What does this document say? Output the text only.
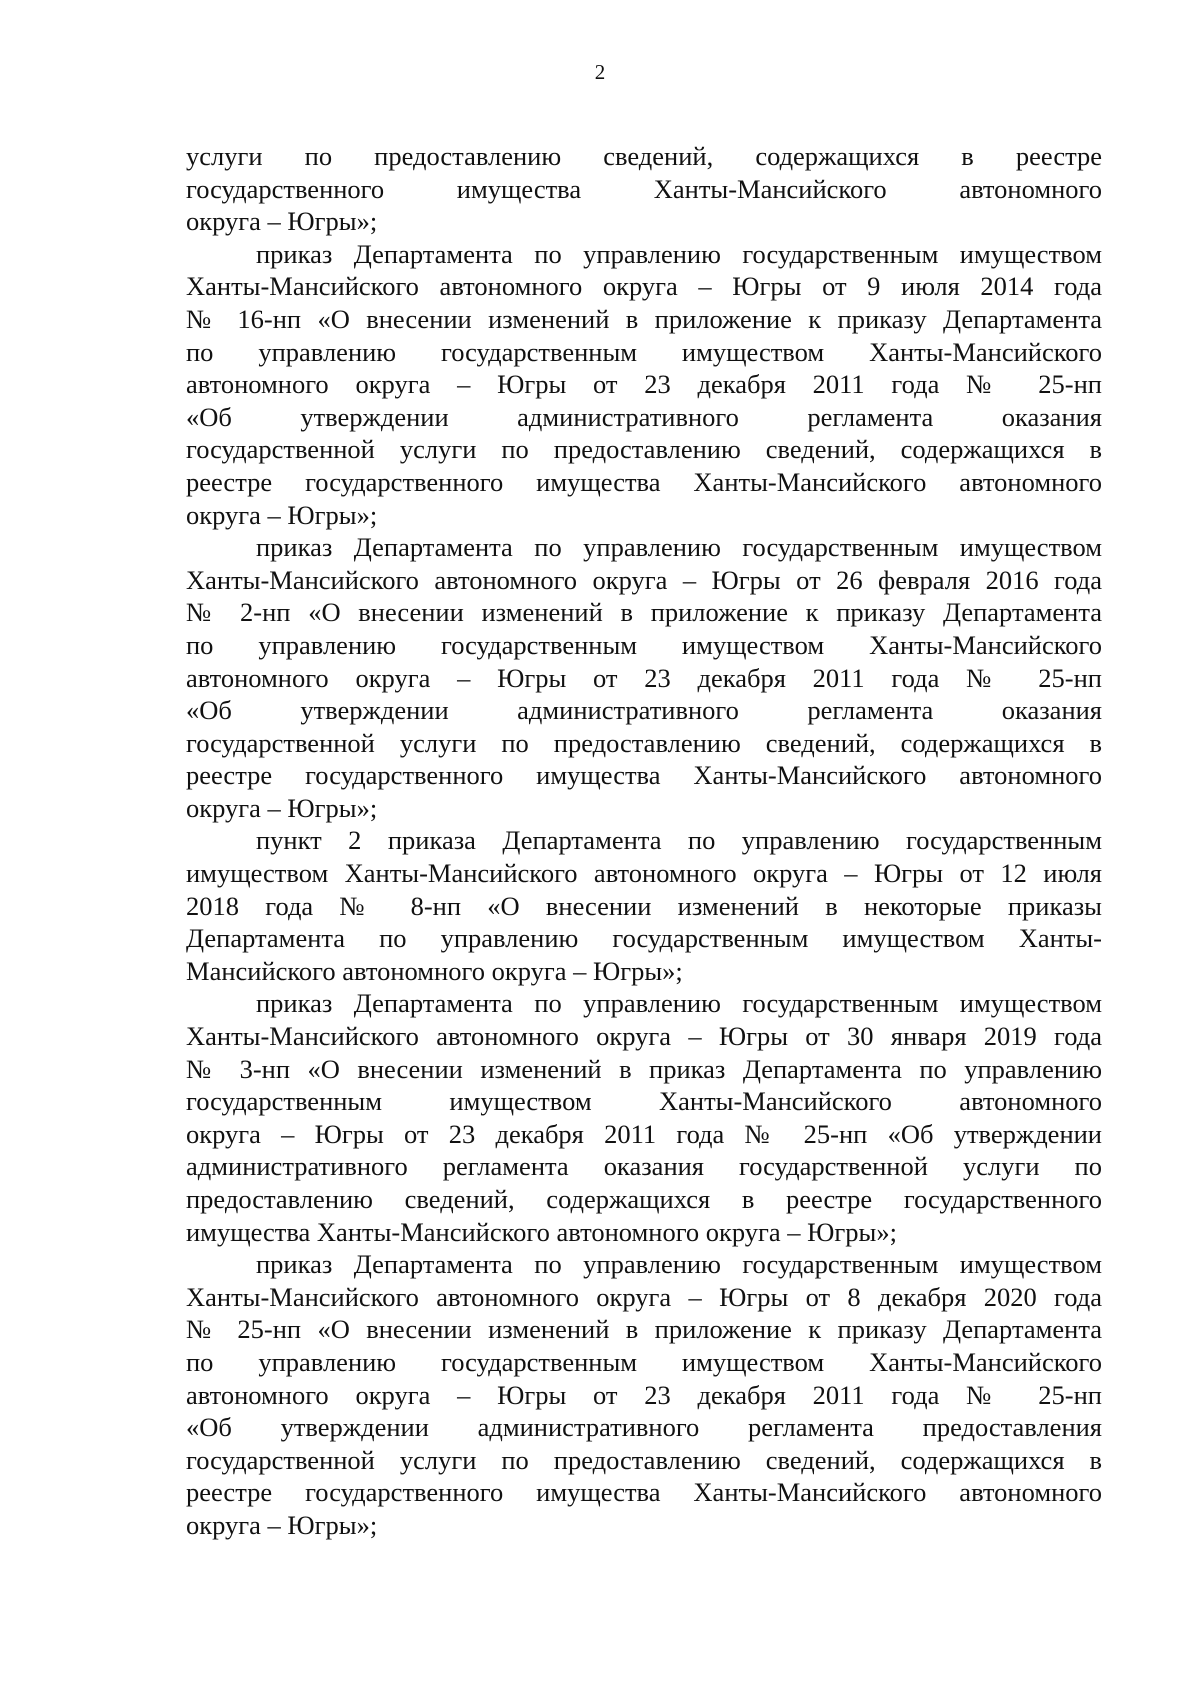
2
услуги по предоставлению сведений, содержащихся в реестре
государственного имущества Ханты-Мансийского автономного
округа – Югры»;
приказ Департамента по управлению государственным имуществом
Ханты-Мансийского автономного округа – Югры от 9 июля 2014 года
№ 16-нп «О внесении изменений в приложение к приказу Департамента
по управлению государственным имуществом Ханты-Мансийского
автономного округа – Югры от 23 декабря 2011 года № 25-нп
«Об утверждении административного регламента оказания
государственной услуги по предоставлению сведений, содержащихся в
реестре государственного имущества Ханты-Мансийского автономного
округа – Югры»;
приказ Департамента по управлению государственным имуществом
Ханты-Мансийского автономного округа – Югры от 26 февраля 2016 года
№ 2-нп «О внесении изменений в приложение к приказу Департамента
по управлению государственным имуществом Ханты-Мансийского
автономного округа – Югры от 23 декабря 2011 года № 25-нп
«Об утверждении административного регламента оказания
государственной услуги по предоставлению сведений, содержащихся в
реестре государственного имущества Ханты-Мансийского автономного
округа – Югры»;
пункт 2 приказа Департамента по управлению государственным
имуществом Ханты-Мансийского автономного округа – Югры от 12 июля
2018 года № 8-нп «О внесении изменений в некоторые приказы
Департамента по управлению государственным имуществом Ханты-
Мансийского автономного округа – Югры»;
приказ Департамента по управлению государственным имуществом
Ханты-Мансийского автономного округа – Югры от 30 января 2019 года
№ 3-нп «О внесении изменений в приказ Департамента по управлению
государственным имуществом Ханты-Мансийского автономного
округа – Югры от 23 декабря 2011 года № 25-нп «Об утверждении
административного регламента оказания государственной услуги по
предоставлению сведений, содержащихся в реестре государственного
имущества Ханты-Мансийского автономного округа – Югры»;
приказ Департамента по управлению государственным имуществом
Ханты-Мансийского автономного округа – Югры от 8 декабря 2020 года
№ 25-нп «О внесении изменений в приложение к приказу Департамента
по управлению государственным имуществом Ханты-Мансийского
автономного округа – Югры от 23 декабря 2011 года № 25-нп
«Об утверждении административного регламента предоставления
государственной услуги по предоставлению сведений, содержащихся в
реестре государственного имущества Ханты-Мансийского автономного
округа – Югры»;
